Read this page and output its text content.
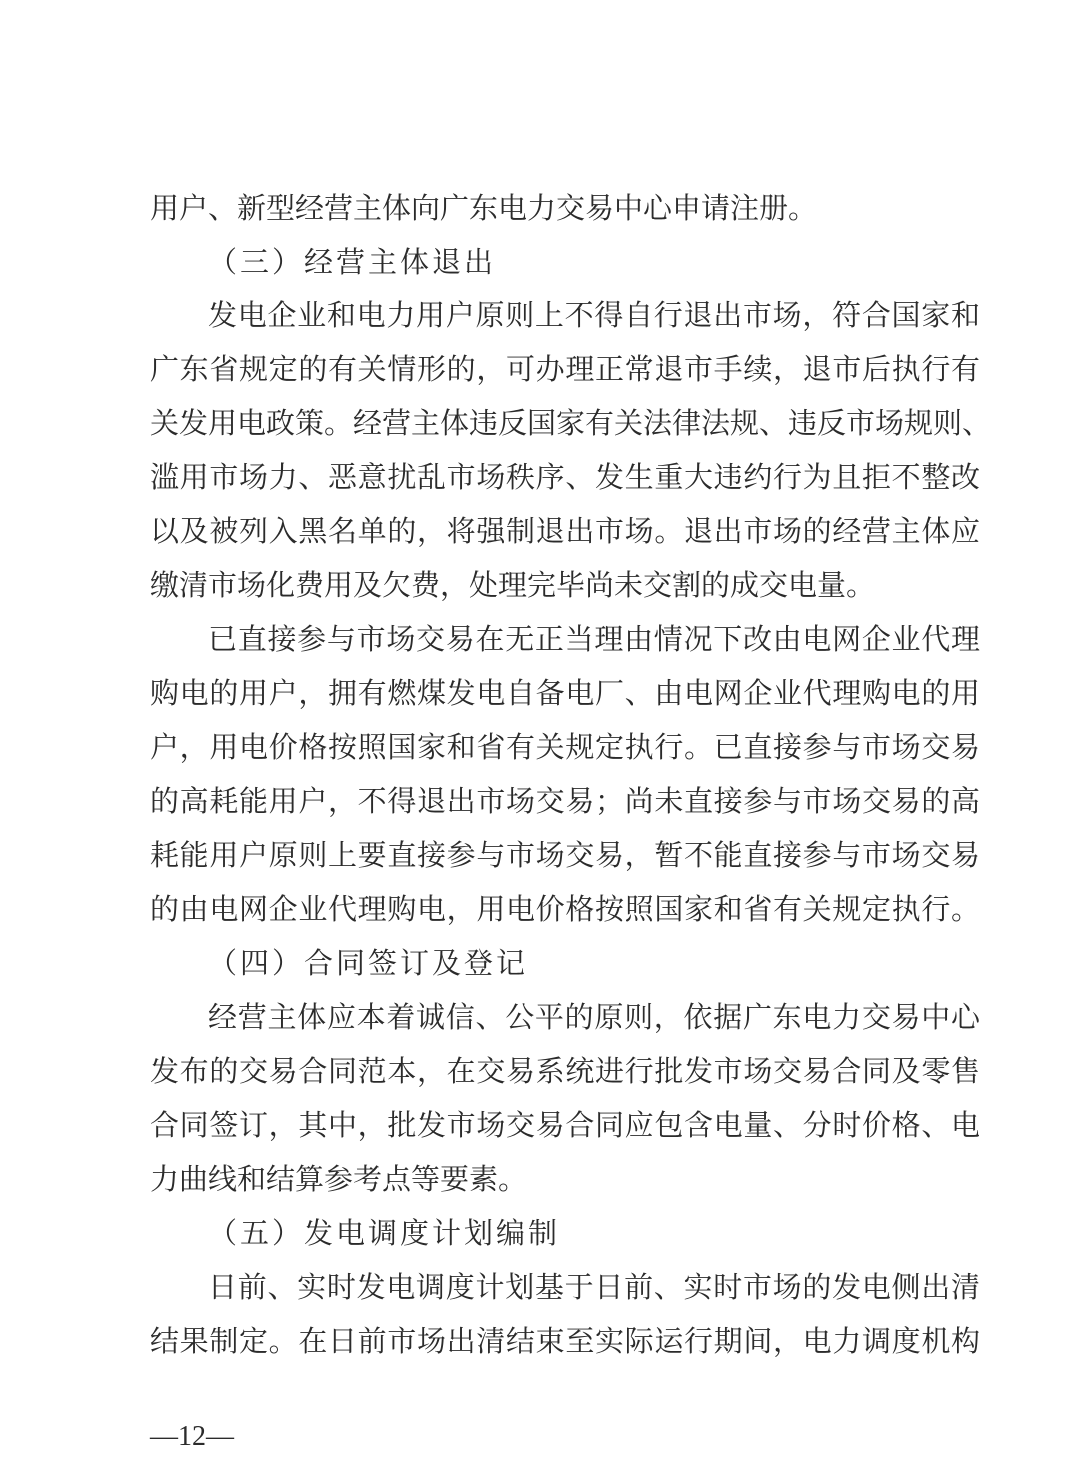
用户、新型经营主体向广东电力交易中心申请注册。
（三）经营主体退出
发电企业和电力用户原则上不得自行退出市场，符合国家和
广东省规定的有关情形的，可办理正常退市手续，退市后执行有
关发用电政策。经营主体违反国家有关法律法规、违反市场规则、
滥用市场力、恶意扰乱市场秩序、发生重大违约行为且拒不整改
以及被列入黑名单的，将强制退出市场。退出市场的经营主体应
缴清市场化费用及欠费，处理完毕尚未交割的成交电量。
已直接参与市场交易在无正当理由情况下改由电网企业代理
购电的用户，拥有燃煤发电自备电厂、由电网企业代理购电的用
户，用电价格按照国家和省有关规定执行。已直接参与市场交易
的高耗能用户，不得退出市场交易；尚未直接参与市场交易的高
耗能用户原则上要直接参与市场交易，暂不能直接参与市场交易
的由电网企业代理购电，用电价格按照国家和省有关规定执行。
（四）合同签订及登记
经营主体应本着诚信、公平的原则，依据广东电力交易中心
发布的交易合同范本，在交易系统进行批发市场交易合同及零售
合同签订，其中，批发市场交易合同应包含电量、分时价格、电
力曲线和结算参考点等要素。
（五）发电调度计划编制
日前、实时发电调度计划基于日前、实时市场的发电侧出清
结果制定。在日前市场出清结束至实际运行期间，电力调度机构
—12—
